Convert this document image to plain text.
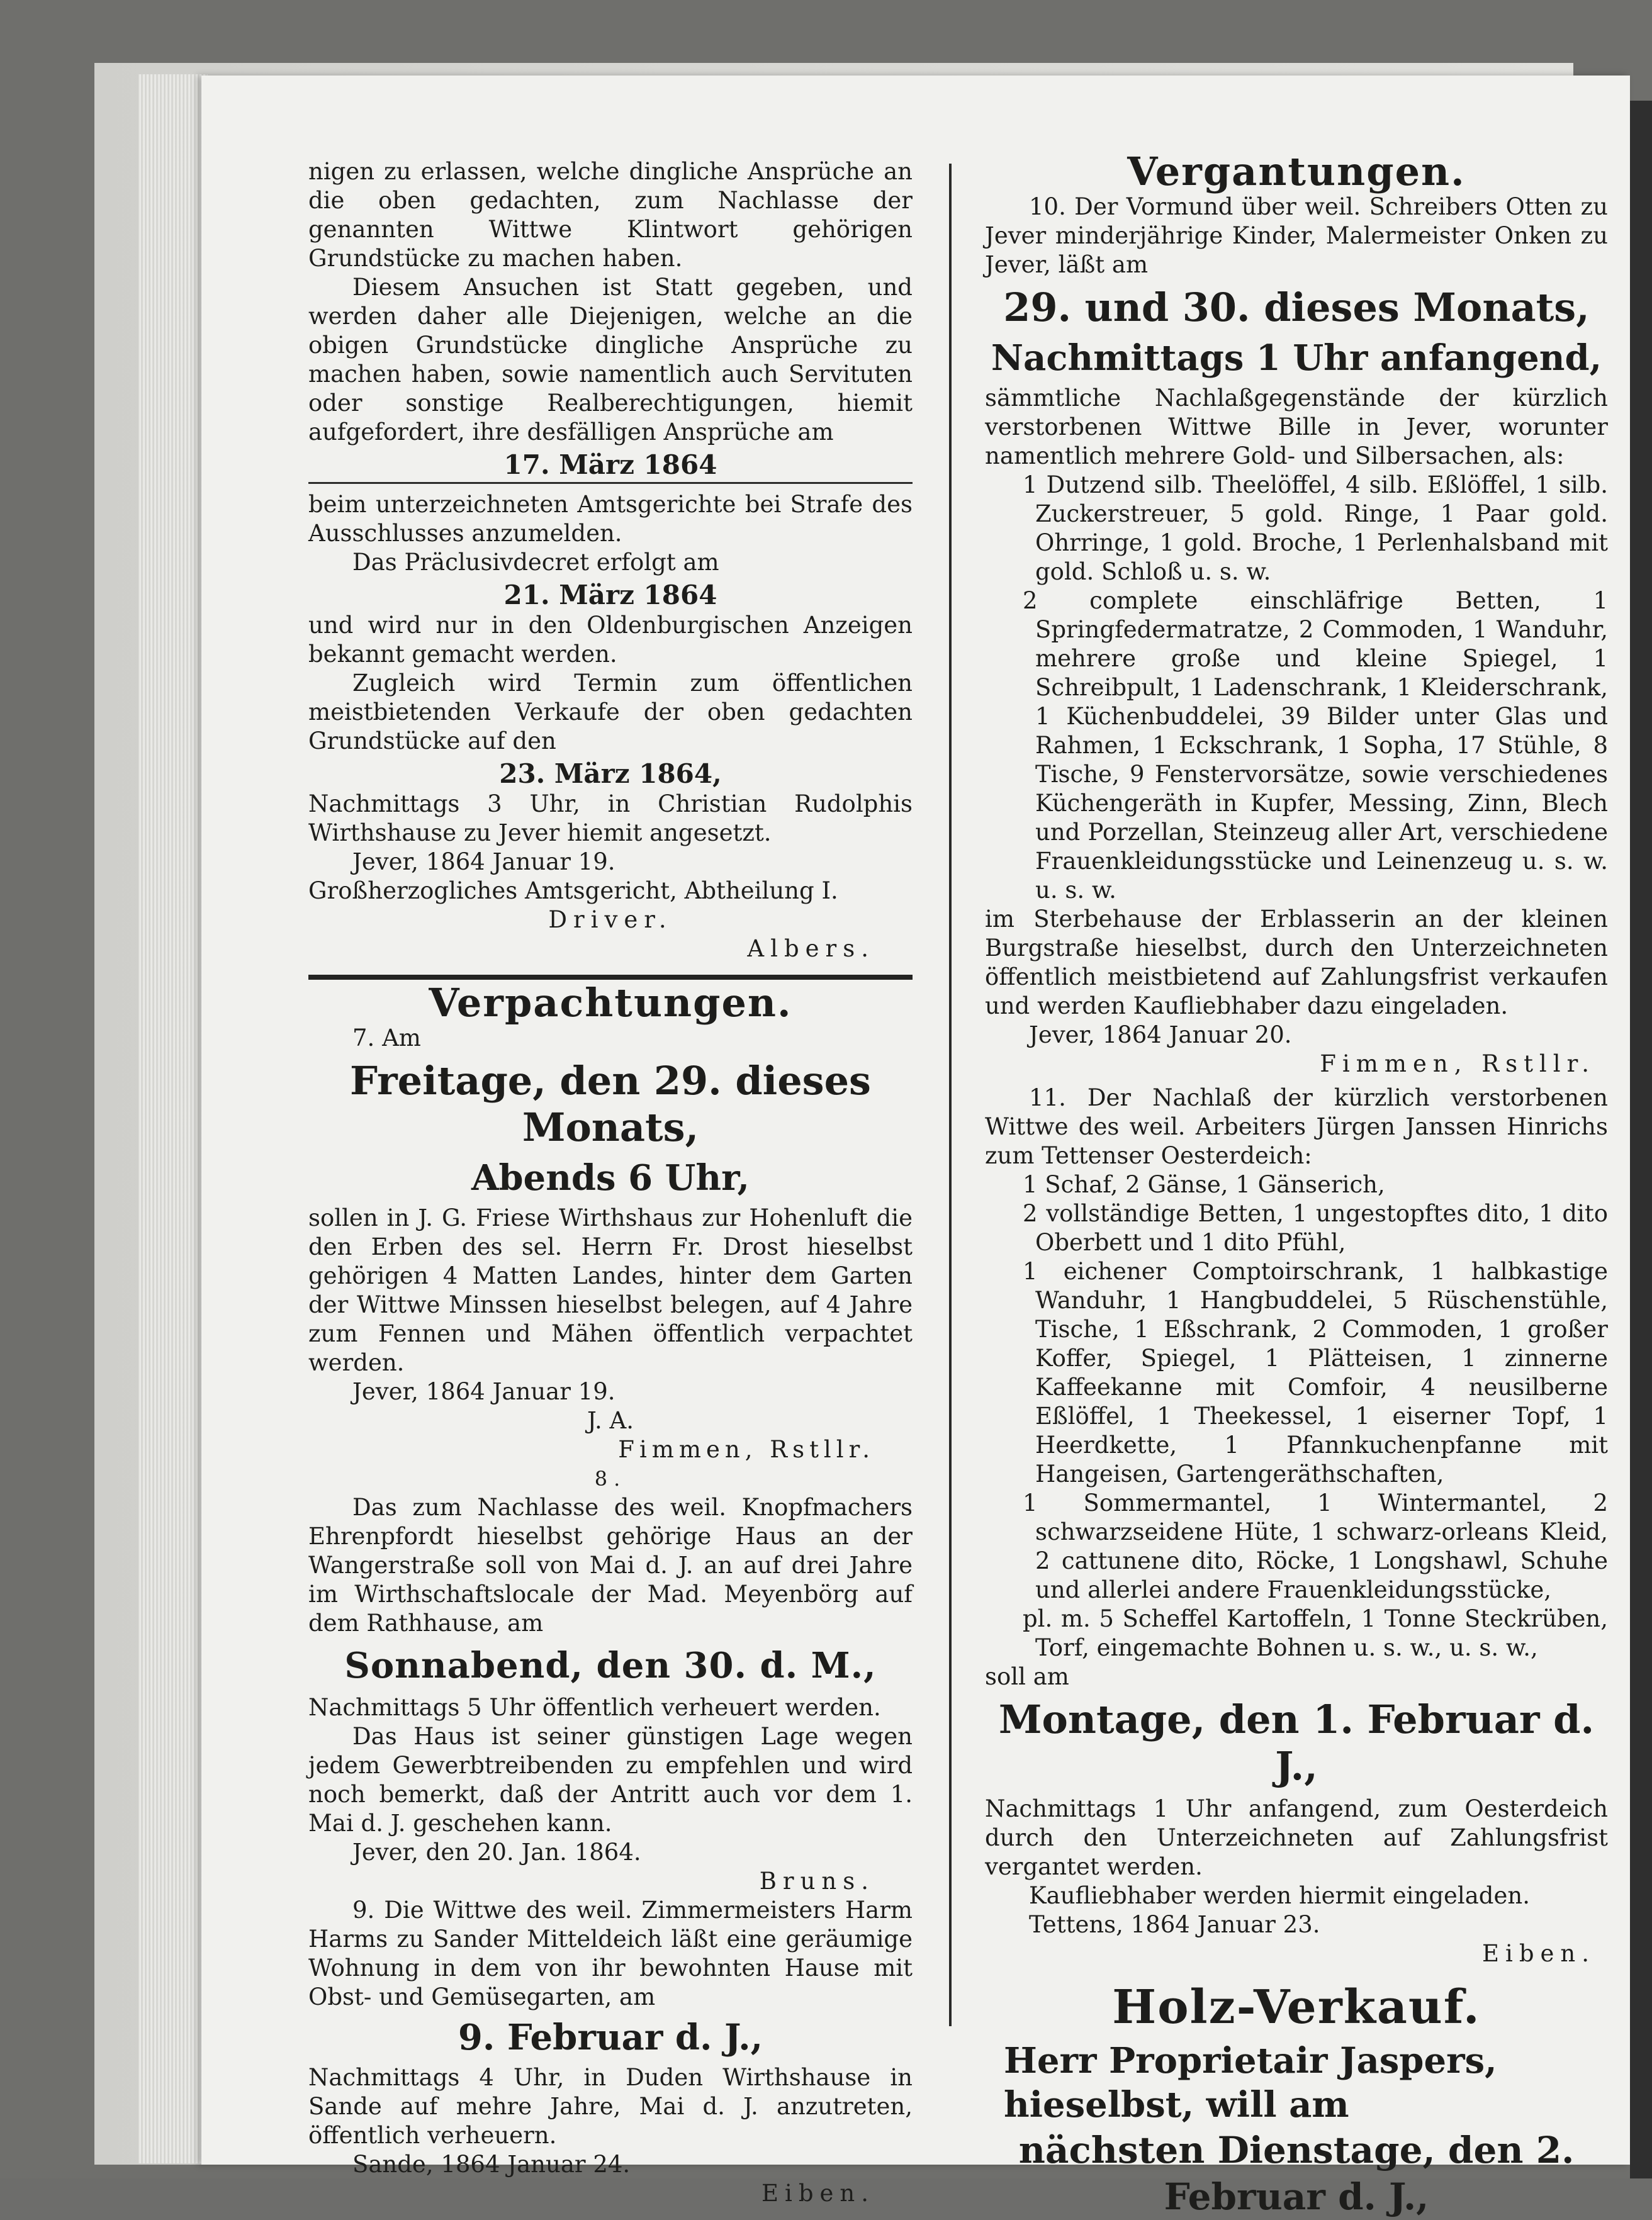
nigen zu erlassen, welche dingliche Ansprüche an die oben gedachten, zum Nachlasse der genannten Wittwe Klintwort gehörigen Grundstücke zu machen haben.

Diesem Ansuchen ist Statt gegeben, und werden daher alle Diejenigen, welche an die obigen Grundstücke dingliche Ansprüche zu machen haben, sowie namentlich auch Servituten oder sonstige Realberechtigungen, hiemit aufgefordert, ihre desfälligen Ansprüche am

17. März 1864

beim unterzeichneten Amtsgerichte bei Strafe des Ausschlusses anzumelden.

Das Präclusivdecret erfolgt am

21. März 1864

und wird nur in den Oldenburgischen Anzeigen bekannt gemacht werden.

Zugleich wird Termin zum öffentlichen meistbietenden Verkaufe der oben gedachten Grundstücke auf den

23. März 1864,

Nachmittags 3 Uhr, in Christian Rudolphis Wirthshause zu Jever hiemit angesetzt.

Jever, 1864 Januar 19.

Großherzogliches Amtsgericht, Abtheilung I.

Driver.

Albers.

Verpachtungen.

7. Am

Freitage, den 29. dieses Monats,
Abends 6 Uhr,

sollen in J. G. Friese Wirthshaus zur Hohenluft die den Erben des sel. Herrn Fr. Drost hieselbst gehörigen 4 Matten Landes, hinter dem Garten der Wittwe Minssen hieselbst belegen, auf 4 Jahre zum Fennen und Mähen öffentlich verpachtet werden.

Jever, 1864 Januar 19.

J. A.

Fimmen, Rstllr.

8.

Das zum Nachlasse des weil. Knopfmachers Ehrenpfordt hieselbst gehörige Haus an der Wangerstraße soll von Mai d. J. an auf drei Jahre im Wirthschaftslocale der Mad. Meyenbörg auf dem Rathhause, am

Sonnabend, den 30. d. M.,

Nachmittags 5 Uhr öffentlich verheuert werden.

Das Haus ist seiner günstigen Lage wegen jedem Gewerbtreibenden zu empfehlen und wird noch bemerkt, daß der Antritt auch vor dem 1. Mai d. J. geschehen kann.

Jever, den 20. Jan. 1864.

Bruns.

9. Die Wittwe des weil. Zimmermeisters Harm Harms zu Sander Mitteldeich läßt eine geräumige Wohnung in dem von ihr bewohnten Hause mit Obst- und Gemüsegarten, am

9. Februar d. J.,

Nachmittags 4 Uhr, in Duden Wirthshause in Sande auf mehre Jahre, Mai d. J. anzutreten, öffentlich verheuern.

Sande, 1864 Januar 24.

Eiben.

Vergantungen.

10. Der Vormund über weil. Schreibers Otten zu Jever minderjährige Kinder, Malermeister Onken zu Jever, läßt am

29. und 30. dieses Monats,
Nachmittags 1 Uhr anfangend,

sämmtliche Nachlaßgegenstände der kürzlich verstorbenen Wittwe Bille in Jever, worunter namentlich mehrere Gold- und Silbersachen, als:

1 Dutzend silb. Theelöffel, 4 silb. Eßlöffel, 1 silb. Zuckerstreuer, 5 gold. Ringe, 1 Paar gold. Ohrringe, 1 gold. Broche, 1 Perlenhalsband mit gold. Schloß u. s. w.

2 complete einschläfrige Betten, 1 Springfedermatratze, 2 Commoden, 1 Wanduhr, mehrere große und kleine Spiegel, 1 Schreibpult, 1 Ladenschrank, 1 Kleiderschrank, 1 Küchenbuddelei, 39 Bilder unter Glas und Rahmen, 1 Eckschrank, 1 Sopha, 17 Stühle, 8 Tische, 9 Fenstervorsätze, sowie verschiedenes Küchengeräth in Kupfer, Messing, Zinn, Blech und Porzellan, Steinzeug aller Art, verschiedene Frauenkleidungsstücke und Leinenzeug u. s. w. u. s. w.

im Sterbehause der Erblasserin an der kleinen Burgstraße hieselbst, durch den Unterzeichneten öffentlich meistbietend auf Zahlungsfrist verkaufen und werden Kaufliebhaber dazu eingeladen.

Jever, 1864 Januar 20.

Fimmen, Rstllr.

11. Der Nachlaß der kürzlich verstorbenen Wittwe des weil. Arbeiters Jürgen Janssen Hinrichs zum Tettenser Oesterdeich:

1 Schaf, 2 Gänse, 1 Gänserich,

2 vollständige Betten, 1 ungestopftes dito, 1 dito Oberbett und 1 dito Pfühl,

1 eichener Comptoirschrank, 1 halbkastige Wanduhr, 1 Hangbuddelei, 5 Rüschenstühle, Tische, 1 Eßschrank, 2 Commoden, 1 großer Koffer, Spiegel, 1 Plätteisen, 1 zinnerne Kaffeekanne mit Comfoir, 4 neusilberne Eßlöffel, 1 Theekessel, 1 eiserner Topf, 1 Heerdkette, 1 Pfannkuchenpfanne mit Hangeisen, Gartengeräthschaften,

1 Sommermantel, 1 Wintermantel, 2 schwarzseidene Hüte, 1 schwarz-orleans Kleid, 2 cattunene dito, Röcke, 1 Longshawl, Schuhe und allerlei andere Frauenkleidungsstücke,

pl. m. 5 Scheffel Kartoffeln, 1 Tonne Steckrüben, Torf, eingemachte Bohnen u. s. w., u. s. w.,

soll am

Montage, den 1. Februar d. J.,

Nachmittags 1 Uhr anfangend, zum Oesterdeich durch den Unterzeichneten auf Zahlungsfrist vergantet werden.

Kaufliebhaber werden hiermit eingeladen.

Tettens, 1864 Januar 23.

Eiben.

Holz-Verkauf.
Herr Proprietair Jaspers, hieselbst, will am
nächsten Dienstage, den 2.
Februar d. J.,
